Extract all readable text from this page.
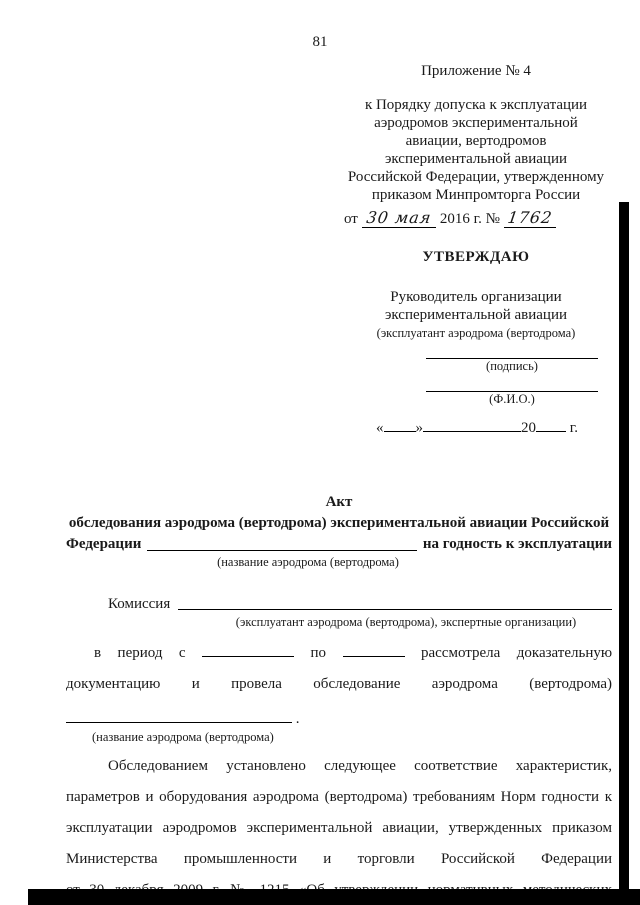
81
Приложение № 4
к Порядку допуска к эксплуатации
аэродромов экспериментальной
авиации, вертодромов
экспериментальной авиации
Российской Федерации, утвержденному
приказом Минпромторга России
от 30 мая 2016 г. № 1762
УТВЕРЖДАЮ
Руководитель организации
экспериментальной авиации
(эксплуатант аэродрома (вертодрома)
(подпись)
(Ф.И.О.)
« »	20 г.
Акт
обследования аэродрома (вертодрома) экспериментальной авиации Российской
Федерации	на годность к эксплуатации
(название аэродрома (вертодрома)
Комиссия
(эксплуатант аэродрома (вертодрома), экспертные организации)
в период с	по	рассмотрела доказательную
документацию и провела обследование аэродрома (вертодрома)
.
(название аэродрома (вертодрома)
Обследованием установлено следующее соответствие характеристик,
параметров и оборудования аэродрома (вертодрома) требованиям Норм годности к
эксплуатации аэродромов экспериментальной авиации, утвержденных приказом
Министерства промышленности и торговли Российской Федерации
